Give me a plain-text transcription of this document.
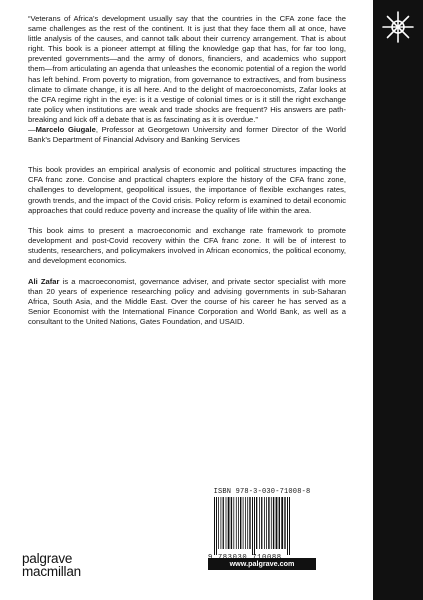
“Veterans of Africa’s development usually say that the countries in the CFA zone face the same challenges as the rest of the continent. It is just that they face them all at once, have little analysis of the causes, and cannot talk about their currency arrangement. That is about right. This book is a pioneer attempt at filling the knowledge gap that has, for far too long, prevented governments—and the army of donors, financiers, and academics who support them—from articulating an agenda that unleashes the economic potential of a region the world has left behind. From poverty to migration, from governance to extractives, and from business climate to climate change, it is all here. And to the delight of macroeconomists, Zafar looks at the CFA regime right in the eye: is it a vestige of colonial times or is it still the right exchange rate policy when institutions are weak and trade shocks are frequent? His answers are path-breaking and kick off a debate that is as fascinating as it is overdue.”

—Marcelo Giugale, Professor at Georgetown University and former Director of the World Bank’s Department of Financial Advisory and Banking Services

This book provides an empirical analysis of economic and political structures impacting the CFA franc zone. Concise and practical chapters explore the history of the CFA franc zone, challenges to development, geopolitical issues, the importance of flexible exchanges rates, growth trends, and the impact of the Covid crisis. Policy reform is examined to detail economic approaches that could reduce poverty and increase the quality of life within the area.

This book aims to present a macroeconomic and exchange rate framework to promote development and post-Covid recovery within the CFA franc zone. It will be of interest to students, researchers, and policymakers involved in African economics, the political economy, and development economics.

Ali Zafar is a macroeconomist, governance adviser, and private sector specialist with more than 20 years of experience researching policy and advising governments in sub-Saharan Africa, South Asia, and the Middle East. Over the course of his career he has served as a Senior Economist with the International Finance Corporation and World Bank, as well as a consultant to the United Nations, Gates Foundation, and USAID.

ISBN 978-3-030-71008-8
www.palgrave.com
palgrave
macmillan
